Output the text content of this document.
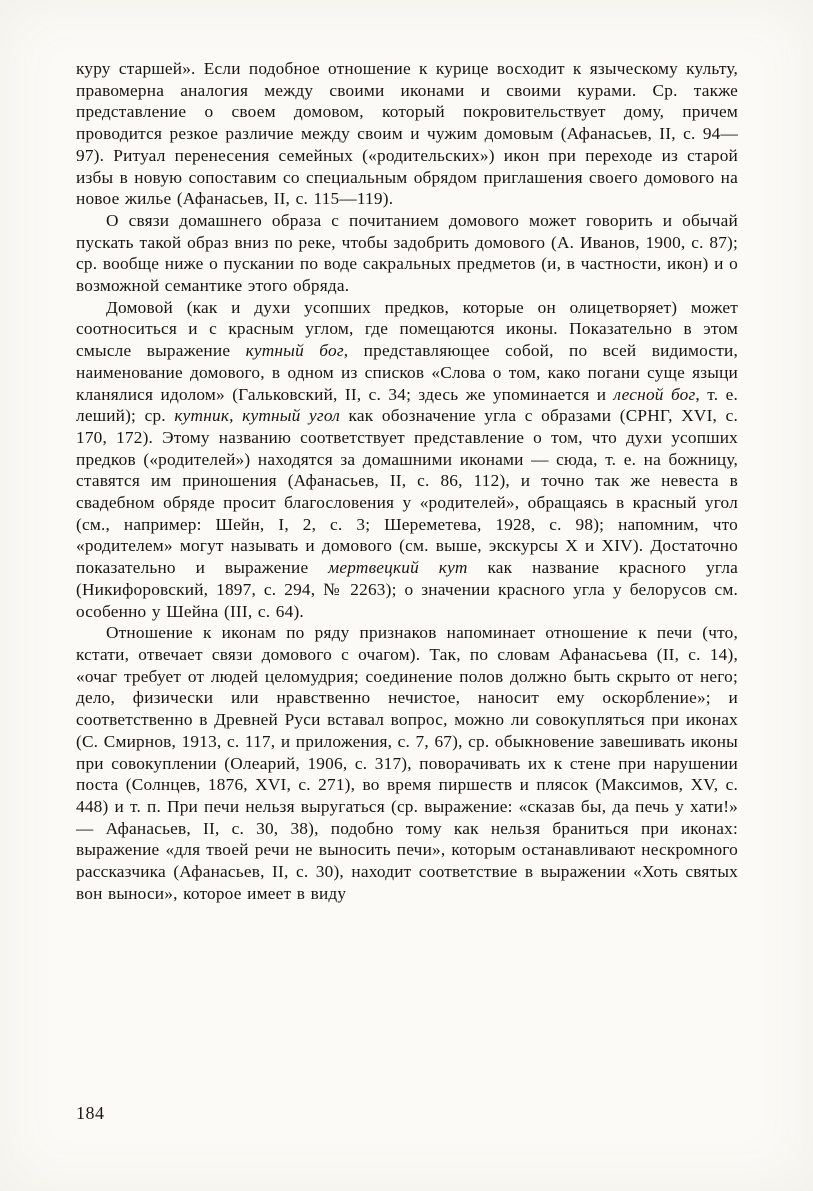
куру старшей». Если подобное отношение к курице восходит к языческому культу, правомерна аналогия между своими иконами и своими курами. Ср. также представление о своем домовом, который покровительствует дому, причем проводится резкое различие между своим и чужим домовым (Афанасьев, II, с. 94—97). Ритуал перенесения семейных («родительских») икон при переходе из старой избы в новую сопоставим со специальным обрядом приглашения своего домового на новое жилье (Афанасьев, II, с. 115—119).

О связи домашнего образа с почитанием домового может говорить и обычай пускать такой образ вниз по реке, чтобы задобрить домового (А. Иванов, 1900, с. 87); ср. вообще ниже о пускании по воде сакральных предметов (и, в частности, икон) и о возможной семантике этого обряда.

Домовой (как и духи усопших предков, которые он олицетворяет) может соотноситься и с красным углом, где помещаются иконы. Показательно в этом смысле выражение кутный бог, представляющее собой, по всей видимости, наименование домового, в одном из списков «Слова о том, како погани суще языци кланялися идолом» (Гальковский, II, с. 34; здесь же упоминается и лесной бог, т. е. леший); ср. кутник, кутный угол как обозначение угла с образами (СРНГ, XVI, с. 170, 172). Этому названию соответствует представление о том, что духи усопших предков («родителей») находятся за домашними иконами — сюда, т. е. на божницу, ставятся им приношения (Афанасьев, II, с. 86, 112), и точно так же невеста в свадебном обряде просит благословения у «родителей», обращаясь в красный угол (см., например: Шейн, I, 2, с. 3; Шереметева, 1928, с. 98); напомним, что «родителем» могут называть и домового (см. выше, экскурсы X и XIV). Достаточно показательно и выражение мертвецкий кут как название красного угла (Никифоровский, 1897, с. 294, № 2263); о значении красного угла у белорусов см. особенно у Шейна (III, с. 64).

Отношение к иконам по ряду признаков напоминает отношение к печи (что, кстати, отвечает связи домового с очагом). Так, по словам Афанасьева (II, с. 14), «очаг требует от людей целомудрия; соединение полов должно быть скрыто от него; дело, физически или нравственно нечистое, наносит ему оскорбление»; и соответственно в Древней Руси вставал вопрос, можно ли совокупляться при иконах (С. Смирнов, 1913, с. 117, и приложения, с. 7, 67), ср. обыкновение завешивать иконы при совокуплении (Олеарий, 1906, с. 317), поворачивать их к стене при нарушении поста (Солнцев, 1876, XVI, с. 271), во время пиршеств и плясок (Максимов, XV, с. 448) и т. п. При печи нельзя выругаться (ср. выражение: «сказав бы, да печь у хати!» — Афанасьев, II, с. 30, 38), подобно тому как нельзя браниться при иконах: выражение «для твоей речи не выносить печи», которым останавливают нескромного рассказчика (Афанасьев, II, с. 30), находит соответствие в выражении «Хоть святых вон выноси», которое имеет в виду

184
